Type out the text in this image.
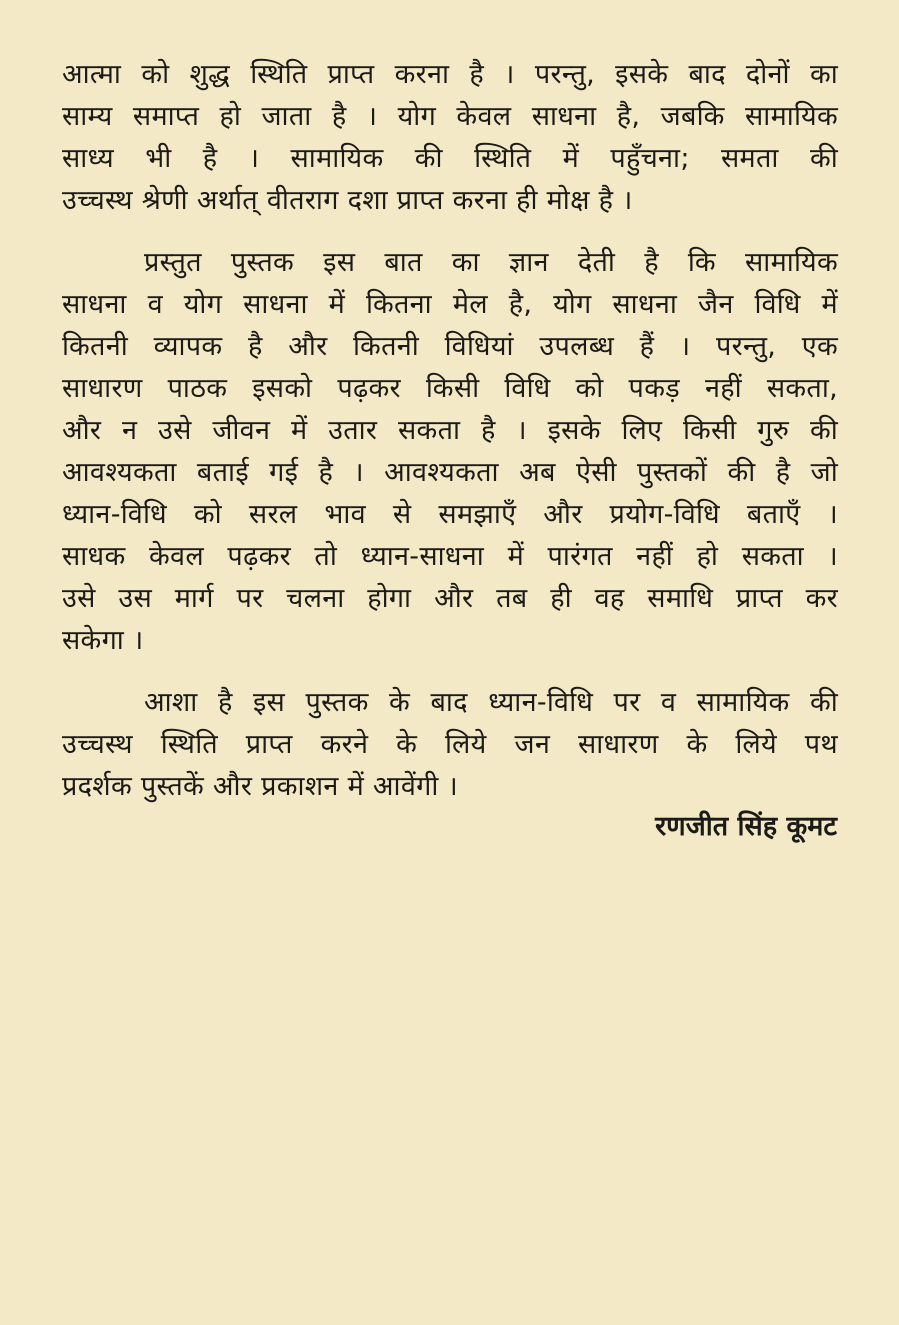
आत्मा को शुद्ध स्थिति प्राप्त करना है । परन्तु, इसके बाद दोनों का
साम्य समाप्त हो जाता है । योग केवल साधना है, जबकि सामायिक
साध्य भी है । सामायिक की स्थिति में पहुँचना; समता की
उच्चस्थ श्रेणी अर्थात् वीतराग दशा प्राप्त करना ही मोक्ष है ।

प्रस्तुत पुस्तक इस बात का ज्ञान देती है कि सामायिक
साधना व योग साधना में कितना मेल है, योग साधना जैन विधि में
कितनी व्यापक है और कितनी विधियां उपलब्ध हैं । परन्तु, एक
साधारण पाठक इसको पढ़कर किसी विधि को पकड़ नहीं सकता,
और न उसे जीवन में उतार सकता है । इसके लिए किसी गुरु की
आवश्यकता बताई गई है । आवश्यकता अब ऐसी पुस्तकों की है जो
ध्यान-विधि को सरल भाव से समझाएँ और प्रयोग-विधि बताएँ ।
साधक केवल पढ़कर तो ध्यान-साधना में पारंगत नहीं हो सकता ।
उसे उस मार्ग पर चलना होगा और तब ही वह समाधि प्राप्त कर
सकेगा ।

आशा है इस पुस्तक के बाद ध्यान-विधि पर व सामायिक की
उच्चस्थ स्थिति प्राप्त करने के लिये जन साधारण के लिये पथ
प्रदर्शक पुस्तकें और प्रकाशन में आवेंगी ।

रणजीत सिंह कूमट
